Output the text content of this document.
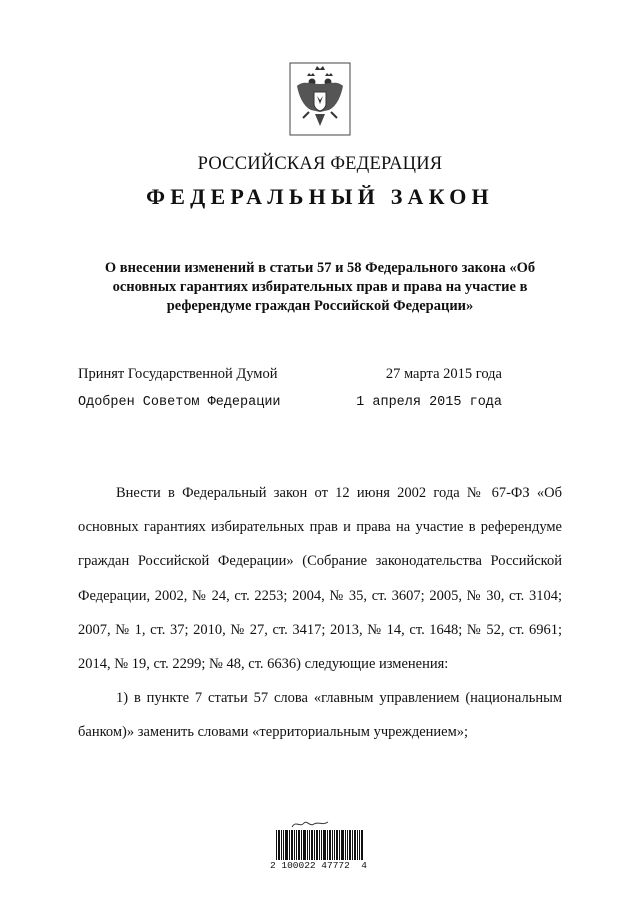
РОССИЙСКАЯ ФЕДЕРАЦИЯ
ФЕДЕРАЛЬНЫЙ ЗАКОН
О внесении изменений в статьи 57 и 58 Федерального закона «Об основных гарантиях избирательных прав и права на участие в референдуме граждан Российской Федерации»
Принят Государственной Думой	27 марта 2015 года
Одобрен Советом Федерации	1 апреля 2015 года

Внести в Федеральный закон от 12 июня 2002 года № 67-ФЗ «Об основных гарантиях избирательных прав и права на участие в референдуме граждан Российской Федерации» (Собрание законодательства Российской Федерации, 2002, № 24, ст. 2253; 2004, № 35, ст. 3607; 2005, № 30, ст. 3104; 2007, № 1, ст. 37; 2010, № 27, ст. 3417; 2013, № 14, ст. 1648; № 52, ст. 6961; 2014, № 19, ст. 2299; № 48, ст. 6636) следующие изменения:

1) в пункте 7 статьи 57 слова «главным управлением (национальным банком)» заменить словами «территориальным учреждением»;

2 100022 47772  4
